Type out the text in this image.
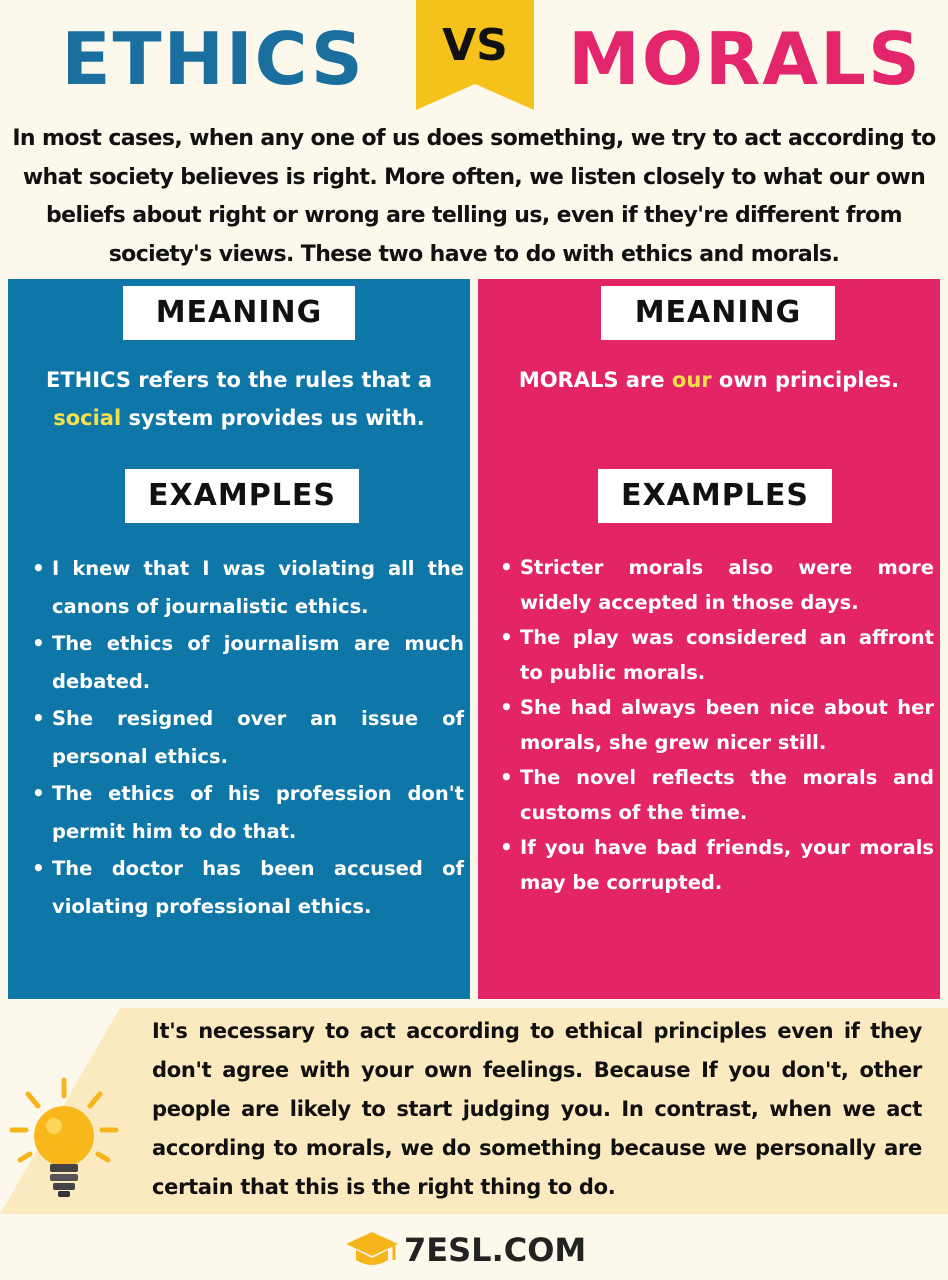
ETHICS	VS MORALS
In most cases, when any one of us does something, we try to act according to what society believes is right. More often, we listen closely to what our own beliefs about right or wrong are telling us, even if they're different from society's views. These two have to do with ethics and morals.
MEANING
ETHICS refers to the rules that a social system provides us with.
EXAMPLES
• I knew that I was violating all the canons of journalistic ethics.
• The ethics of journalism are much debated.
• She resigned over an issue of personal ethics.
• The ethics of his profession don't permit him to do that.
• The doctor has been accused of violating professional ethics.
MEANING
MORALS are our own principles.
EXAMPLES
• Stricter morals also were more widely accepted in those days.
• The play was considered an affront to public morals.
• She had always been nice about her morals, she grew nicer still.
• The novel reflects the morals and customs of the time.
• If you have bad friends, your morals may be corrupted.
It's necessary to act according to ethical principles even if they don't agree with your own feelings. Because If you don't, other people are likely to start judging you. In contrast, when we act according to morals, we do something because we personally are certain that this is the right thing to do.
7ESL.COM
